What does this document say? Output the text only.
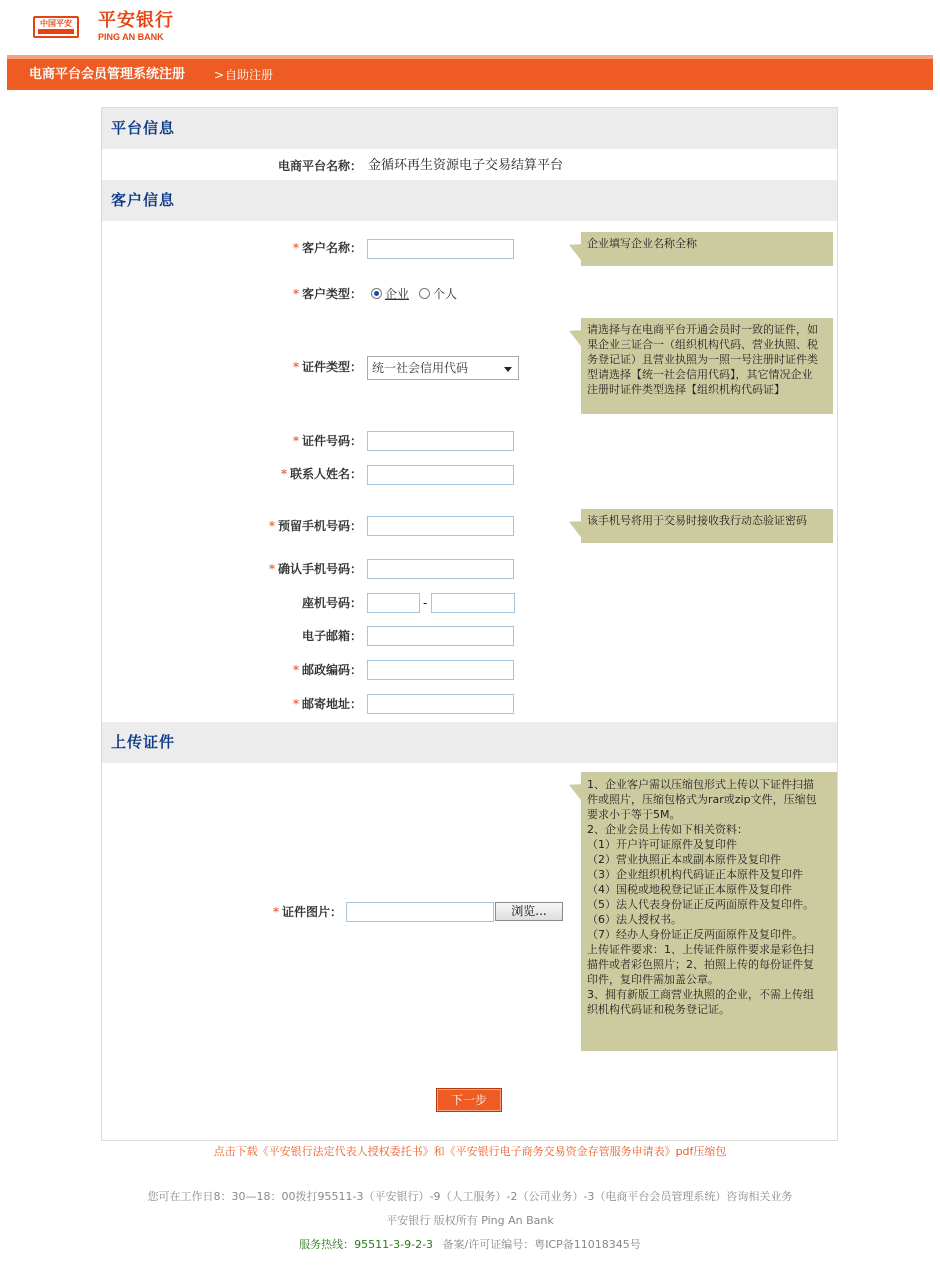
中国平安 平安银行
PING AN BANK
电商平台会员管理系统注册 > 自助注册
平台信息
电商平台名称： 金循环再生资源电子交易结算平台
客户信息
* 客户名称：	企业填写企业名称全称
* 客户类型： 企业 个人
* 证件类型： 统一社会信用代码
请选择与在电商平台开通会员时一致的证件，如
果企业三证合一（组织机构代码、营业执照、税
务登记证）且营业执照为一照一号注册时证件类
型请选择【统一社会信用代码】，其它情况企业
注册时证件类型选择【组织机构代码证】
* 证件号码：
* 联系人姓名：
* 预留手机号码：	该手机号将用于交易时接收我行动态验证密码
* 确认手机号码：
座机号码：	-
电子邮箱：
* 邮政编码：
* 邮寄地址：
上传证件
* 证件图片：	浏览...
1、企业客户需以压缩包形式上传以下证件扫描
件或照片，压缩包格式为rar或zip文件，压缩包
要求小于等于5M。
2、企业会员上传如下相关资料：
（1）开户许可证原件及复印件
（2）营业执照正本或副本原件及复印件
（3）企业组织机构代码证正本原件及复印件
（4）国税或地税登记证正本原件及复印件
（5）法人代表身份证正反两面原件及复印件。
（6）法人授权书。
（7）经办人身份证正反两面原件及复印件。
上传证件要求：1、上传证件原件要求是彩色扫
描件或者彩色照片；2、拍照上传的每份证件复
印件，复印件需加盖公章。
3、拥有新版工商营业执照的企业，不需上传组
织机构代码证和税务登记证。
下一步
点击下载《平安银行法定代表人授权委托书》和《平安银行电子商务交易资金存管服务申请表》pdf压缩包
您可在工作日8：30—18：00拨打95511-3（平安银行）-9（人工服务）-2（公司业务）-3（电商平台会员管理系统）咨询相关业务
平安银行 版权所有 Ping An Bank
服务热线：95511-3-9-2-3 备案/许可证编号：粤ICP备11018345号
